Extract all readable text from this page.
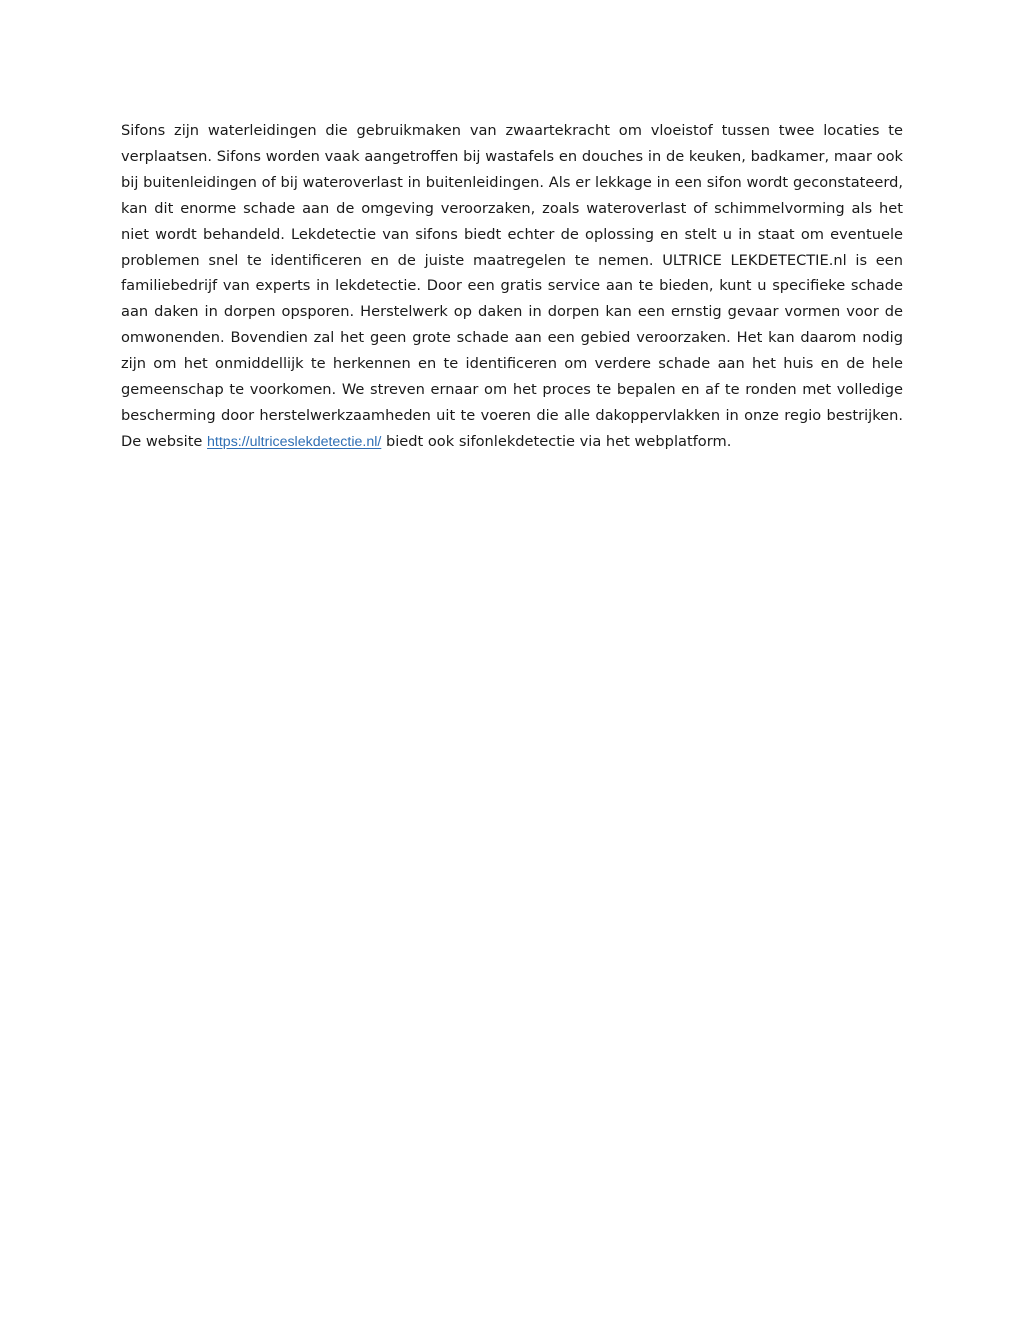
Sifons zijn waterleidingen die gebruikmaken van zwaartekracht om vloeistof tussen twee locaties te verplaatsen. Sifons worden vaak aangetroffen bij wastafels en douches in de keuken, badkamer, maar ook bij buitenleidingen of bij wateroverlast in buitenleidingen. Als er lekkage in een sifon wordt geconstateerd, kan dit enorme schade aan de omgeving veroorzaken, zoals wateroverlast of schimmelvorming als het niet wordt behandeld. Lekdetectie van sifons biedt echter de oplossing en stelt u in staat om eventuele problemen snel te identificeren en de juiste maatregelen te nemen. ULTRICE LEKDETECTIE.nl is een familiebedrijf van experts in lekdetectie. Door een gratis service aan te bieden, kunt u specifieke schade aan daken in dorpen opsporen. Herstelwerk op daken in dorpen kan een ernstig gevaar vormen voor de omwonenden. Bovendien zal het geen grote schade aan een gebied veroorzaken. Het kan daarom nodig zijn om het onmiddellijk te herkennen en te identificeren om verdere schade aan het huis en de hele gemeenschap te voorkomen. We streven ernaar om het proces te bepalen en af te ronden met volledige bescherming door herstelwerkzaamheden uit te voeren die alle dakoppervlakken in onze regio bestrijken. De website https://ultriceslekdetectie.nl/ biedt ook sifonlekdetectie via het webplatform.
